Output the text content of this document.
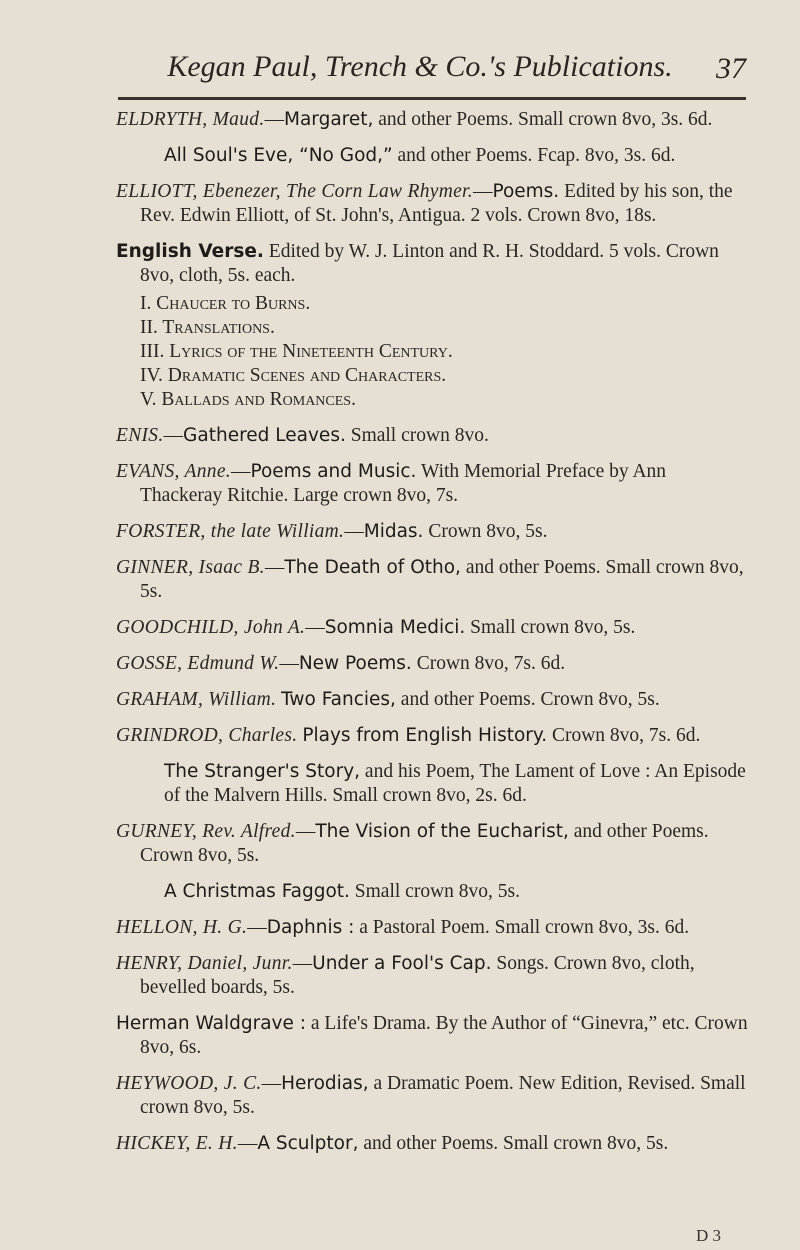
Kegan Paul, Trench & Co.'s Publications.	37
ELDRYTH, Maud.—Margaret, and other Poems. Small crown 8vo, 3s. 6d.
All Soul's Eve, “No God,” and other Poems. Fcap. 8vo, 3s. 6d.
ELLIOTT, Ebenezer, The Corn Law Rhymer.—Poems. Edited by his son, the Rev. Edwin Elliott, of St. John's, Antigua. 2 vols. Crown 8vo, 18s.
English Verse. Edited by W. J. Linton and R. H. Stoddard. 5 vols. Crown 8vo, cloth, 5s. each.
I. Chaucer to Burns.
II. Translations.
III. Lyrics of the Nineteenth Century.
IV. Dramatic Scenes and Characters.
V. Ballads and Romances.
ENIS.—Gathered Leaves. Small crown 8vo.
EVANS, Anne.—Poems and Music. With Memorial Preface by Ann Thackeray Ritchie. Large crown 8vo, 7s.
FORSTER, the late William.—Midas. Crown 8vo, 5s.
GINNER, Isaac B.—The Death of Otho, and other Poems. Small crown 8vo, 5s.
GOODCHILD, John A.—Somnia Medici. Small crown 8vo, 5s.
GOSSE, Edmund W.—New Poems. Crown 8vo, 7s. 6d.
GRAHAM, William. Two Fancies, and other Poems. Crown 8vo, 5s.
GRINDROD, Charles. Plays from English History. Crown 8vo, 7s. 6d.
The Stranger's Story, and his Poem, The Lament of Love : An Episode of the Malvern Hills. Small crown 8vo, 2s. 6d.
GURNEY, Rev. Alfred.—The Vision of the Eucharist, and other Poems. Crown 8vo, 5s.
A Christmas Faggot. Small crown 8vo, 5s.
HELLON, H. G.—Daphnis : a Pastoral Poem. Small crown 8vo, 3s. 6d.
HENRY, Daniel, Junr.—Under a Fool's Cap. Songs. Crown 8vo, cloth, bevelled boards, 5s.
Herman Waldgrave : a Life's Drama. By the Author of “Ginevra,” etc. Crown 8vo, 6s.
HEYWOOD, J. C.—Herodias, a Dramatic Poem. New Edition, Revised. Small crown 8vo, 5s.
HICKEY, E. H.—A Sculptor, and other Poems. Small crown 8vo, 5s.
D 3
